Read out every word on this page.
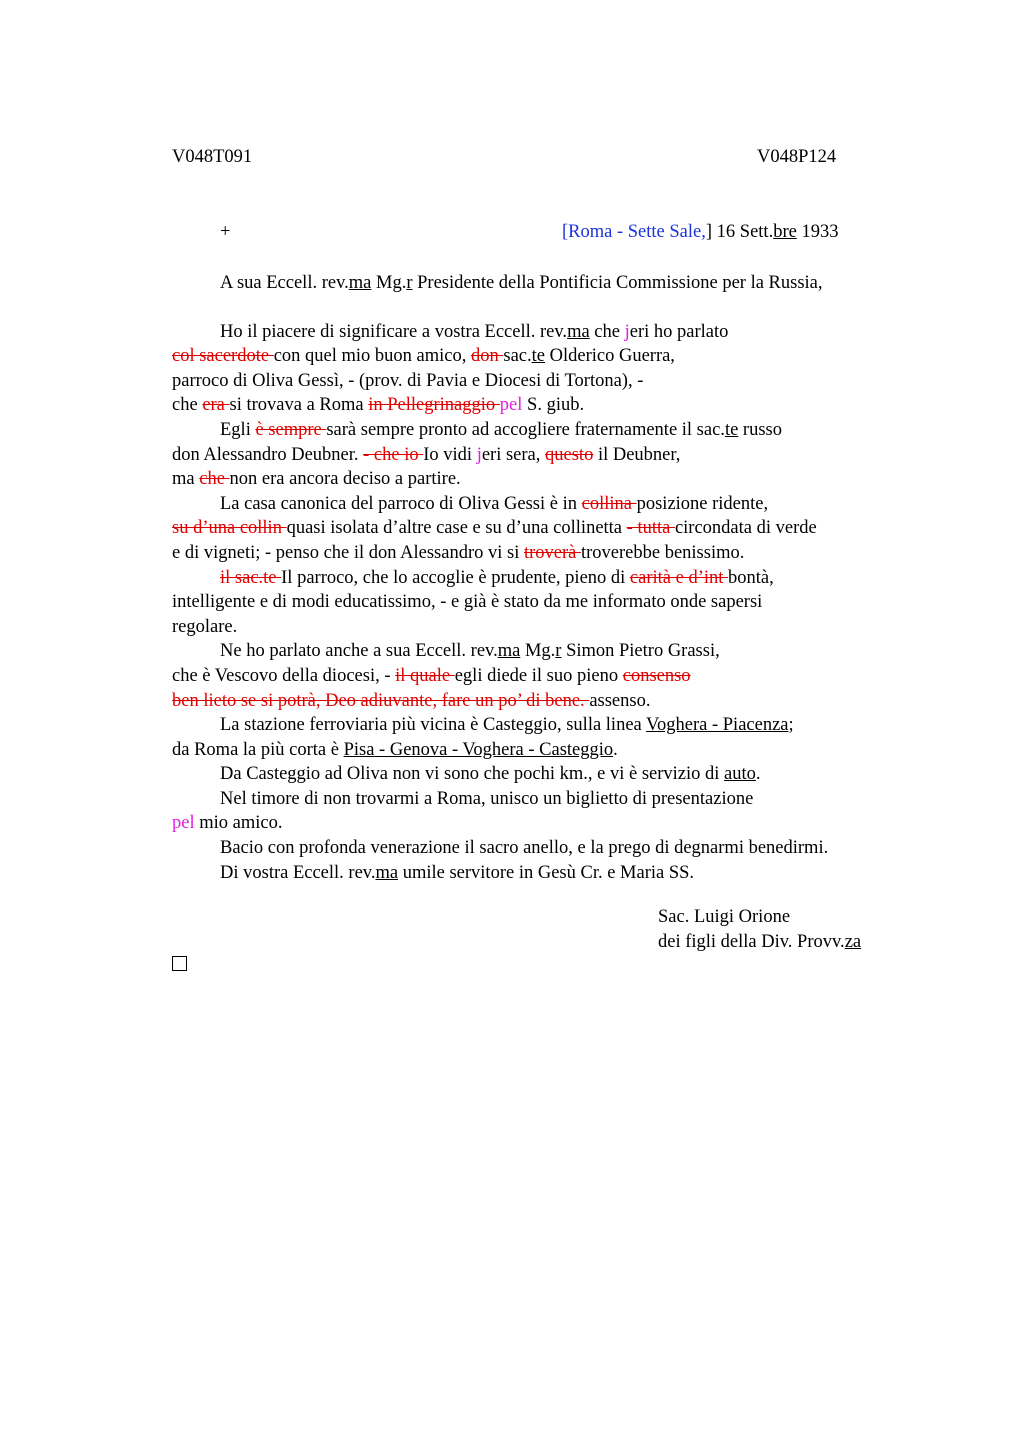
V048T091	V048P124
+	[Roma - Sette Sale,] 16 Sett.bre 1933
A sua Eccell. rev.ma Mg.r Presidente della Pontificia Commissione per la Russia,
Ho il piacere di significare a vostra Eccell. rev.ma che jeri ho parlato
col sacerdote con quel mio buon amico, don sac.te Olderico Guerra,
parroco di Oliva Gessì, - (prov. di Pavia e Diocesi di Tortona), -
che era si trovava a Roma in Pellegrinaggio pel S. giub.
Egli è sempre sarà sempre pronto ad accogliere fraternamente il sac.te russo
don Alessandro Deubner. - che io Io vidi jeri sera, questo il Deubner,
ma che non era ancora deciso a partire.
La casa canonica del parroco di Oliva Gessi è in collina posizione ridente,
su d’una collin quasi isolata d’altre case e su d’una collinetta - tutta circondata di verde
e di vigneti; - penso che il don Alessandro vi si troverà troverebbe benissimo.
il sac.te Il parroco, che lo accoglie è prudente, pieno di carità e d’int bontà,
intelligente e di modi educatissimo, - e già è stato da me informato onde sapersi
regolare.
Ne ho parlato anche a sua Eccell. rev.ma Mg.r Simon Pietro Grassi,
che è Vescovo della diocesi, - il quale egli diede il suo pieno consenso
ben lieto se si potrà, Deo adiuvante, fare un po’ di bene. assenso.
La stazione ferroviaria più vicina è Casteggio, sulla linea Voghera - Piacenza;
da Roma la più corta è Pisa - Genova - Voghera - Casteggio.
Da Casteggio ad Oliva non vi sono che pochi km., e vi è servizio di auto.
Nel timore di non trovarmi a Roma, unisco un biglietto di presentazione
pel mio amico.
Bacio con profonda venerazione il sacro anello, e la prego di degnarmi benedirmi.
Di vostra Eccell. rev.ma umile servitore in Gesù Cr. e Maria SS.
Sac. Luigi Orione
dei figli della Div. Provv.za
